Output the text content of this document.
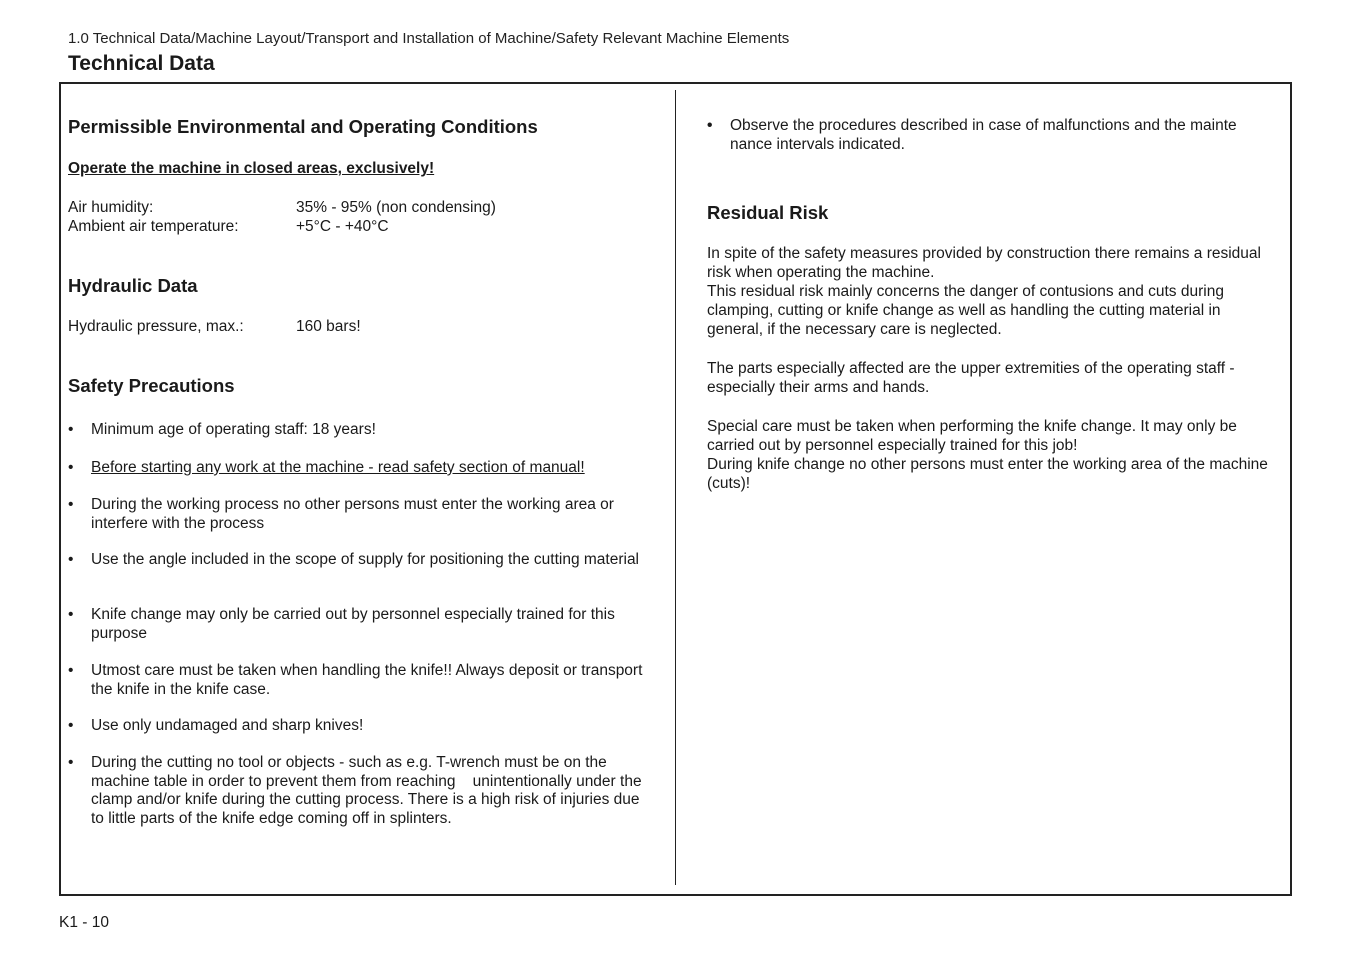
1.0 Technical Data/Machine Layout/Transport and Installation of Machine/Safety Relevant Machine Elements
Technical Data
Permissible Environmental and Operating Conditions

Operate the machine in closed areas, exclusively!

Air humidity:	35% - 95% (non condensing)
Ambient air temperature:	+5°C - +40°C
Hydraulic Data
Hydraulic pressure, max.:	160 bars!
Safety Precautions
• Minimum age of operating staff: 18 years!
• Before starting any work at the machine - read safety section of manual!
• During the working process no other persons must enter the working area or interfere with the process
• Use the angle included in the scope of supply for positioning the cutting material
• Knife change may only be carried out by personnel especially trained for this purpose
• Utmost care must be taken when handling the knife!! Always deposit or transport the knife in the knife case.
• Use only undamaged and sharp knives!
• During the cutting no tool or objects - such as e.g. T-wrench must be on the machine table in order to prevent them from reaching    unintentionally under the clamp and/or knife during the cutting process. There is a high risk of injuries due to little parts of the knife edge coming off in splinters.
• Observe the procedures described in case of malfunctions and the mainte nance intervals indicated.
Residual Risk

In spite of the safety measures provided by construction there remains a residual risk when operating the machine.

This residual risk mainly concerns the danger of contusions and cuts during clamping, cutting or knife change as well as handling the cutting material in general, if the necessary care is neglected.

The parts especially affected are the upper extremities of the operating staff - especially their arms and hands.

Special care must be taken when performing the knife change. It may only be carried out by personnel especially trained for this job!

During knife change no other persons must enter the working area of the machine (cuts)!

K1 - 10
